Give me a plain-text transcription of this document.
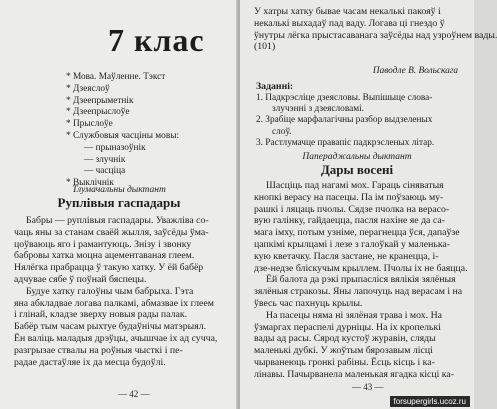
7 клас
* Мова. Маўленне. Тэкст
* Дзеяслоў
* Дзеепрыметнік
* Дзеепрыслоўе
* Прыслоўе
* Службовыя часціны мовы:
— прыназоўнік
— злучнік
— часціца
* Выклічнік
Тлумачальны дыктант
Руплівыя гаспадары
Бабры — руплівыя гаспадары. Уважліва со-
чаць яны за станам сваёй жылля, заўсёды ўма-
цоўваюць яго і рамантуюць. Знізу і звонку
бабровы хатка моцна ацементаваная глеем.
Нялёгка прабрацца ў такую хатку. У ёй бабёр
адчувае сябе ў поўнай бяспецы.
Будуе хатку галоўны чым бабрыха. Гэта
яна абкладвае логава палкамі, абмазвае іх глеем
і глінай, кладзе зверху новыя рады палак.
Бабёр тым часам рыхтуе будаўнічы матэрыял.
Ён валіць маладыя дрэўцы, ачышчае іх ад сучча,
разгрызае ствалы на роўныя чысткі і пе-
радае дастаўляе іх да месца будоўлі.
— 42 —
У хатры хатку бывае часам некалькі пакояў і
некалькі выхадаў пад ваду. Логава ці гнездо ў
ўнутры лёгка прыстасаванага заўсёды над узроўнем вады.
(101)
Паводле В. Вольскага
Заданні:
1. Падкрэсліце дзеясловы. Выпішыце слова-
злучэнні з дзеясловамі.
2. Зрабіце марфалагічны разбор выдзеленых
слоў.
3. Растлумачце правапіс падкрэсленых літар.
Шасціць пад нагамі мох. Гараць сіняватыя
кнопкі верасу на пасецы. Па ім поўзаюць му-
рашкі і ляцаць пчолы. Сядзе пчолка на верасо-
вую галінку, гайдаецца, пасля нахіне яе да са-
мага імху, потым узніме, перагнецца ўся, дапаўзе
цапкімі крылцамі і лезе з галоўкай у маленька-
кую кветачку. Пасля застане, не кранецца, і-
дзе-недзе бліскучым крыллем. Пчолы іх не баяцца.
Ёй балота да рэкі прыпасліся вялікія зялёныя
зялёныя стракозы. Яны лапочуць над верасам і на
ўвесь час пахнуць крылы.
На пасецы няма ні зялёная трава і мох. На
ўзмаргах пераспелі дурніцы. На іх кропелькі
вады ад расы. Сярод кустоў журавін, сляды
маленькі дубкі. У жоўтым бярозавым лісці
чырванеюць гронкі рабіны. Ёсць кісць і ка-
лінавы. Пачырванела маленькая ягадка кісці ка-
— 43 —
Папераджальны дыктант
Дары восені
forsupergirls.ucoz.ru
